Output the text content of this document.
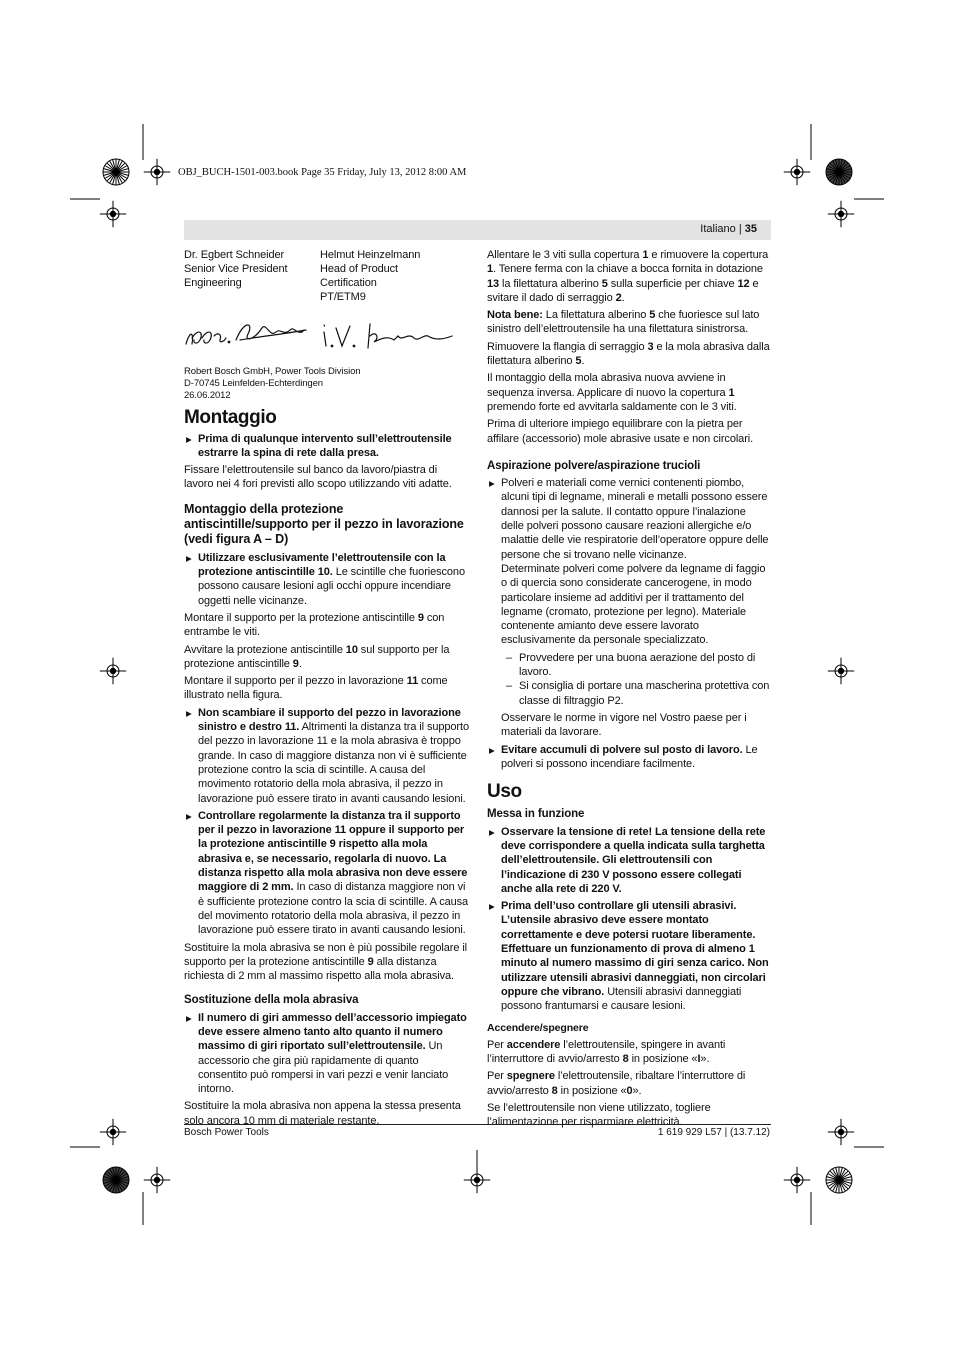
OBJ_BUCH-1501-003.book Page 35 Friday, July 13, 2012 8:00 AM
Italiano | 35
Dr. Egbert Schneider
Senior Vice President
Engineering
Helmut Heinzelmann
Head of Product Certification
PT/ETM9
Robert Bosch GmbH, Power Tools Division
D-70745 Leinfelden-Echterdingen
26.06.2012
Montaggio

▶ Prima di qualunque intervento sull’elettroutensile estrarre la spina di rete dalla presa.

Fissare l’elettroutensile sul banco da lavoro/piastra di lavoro nei 4 fori previsti allo scopo utilizzando viti adatte.

Montaggio della protezione antiscintille/supporto per il pezzo in lavorazione (vedi figura A – D)

▶ Utilizzare esclusivamente l’elettroutensile con la protezione antiscintille 10. Le scintille che fuoriescono possono causare lesioni agli occhi oppure incendiare oggetti nelle vicinanze.

Montare il supporto per la protezione antiscintille 9 con entrambe le viti.

Avvitare la protezione antiscintille 10 sul supporto per la protezione antiscintille 9.

Montare il supporto per il pezzo in lavorazione 11 come illustrato nella figura.

▶ Non scambiare il supporto del pezzo in lavorazione sinistro e destro 11. Altrimenti la distanza tra il supporto del pezzo in lavorazione 11 e la mola abrasiva è troppo grande. In caso di maggiore distanza non vi è sufficiente protezione contro la scia di scintille. A causa del movimento rotatorio della mola abrasiva, il pezzo in lavorazione può essere tirato in avanti causando lesioni.

▶ Controllare regolarmente la distanza tra il supporto per il pezzo in lavorazione 11 oppure il supporto per la protezione antiscintille 9 rispetto alla mola abrasiva e, se necessario, regolarla di nuovo. La distanza rispetto alla mola abrasiva non deve essere maggiore di 2 mm. In caso di distanza maggiore non vi è sufficiente protezione contro la scia di scintille. A causa del movimento rotatorio della mola abrasiva, il pezzo in lavorazione può essere tirato in avanti causando lesioni.

Sostituire la mola abrasiva se non è più possibile regolare il supporto per la protezione antiscintille 9 alla distanza richiesta di 2 mm al massimo rispetto alla mola abrasiva.

Sostituzione della mola abrasiva

▶ Il numero di giri ammesso dell’accessorio impiegato deve essere almeno tanto alto quanto il numero massimo di giri riportato sull’elettroutensile. Un accessorio che gira più rapidamente di quanto consentito può rompersi in vari pezzi e venir lanciato intorno.

Sostituire la mola abrasiva non appena la stessa presenta solo ancora 10 mm di materiale restante.

Allentare le 3 viti sulla copertura 1 e rimuovere la copertura 1. Tenere ferma con la chiave a bocca fornita in dotazione 13 la filettatura alberino 5 sulla superficie per chiave 12 e svitare il dado di serraggio 2.

Nota bene: La filettatura alberino 5 che fuoriesce sul lato sinistro dell’elettroutensile ha una filettatura sinistrorsa.

Rimuovere la flangia di serraggio 3 e la mola abrasiva dalla filettatura alberino 5.

Il montaggio della mola abrasiva nuova avviene in sequenza inversa. Applicare di nuovo la copertura 1 premendo forte ed avvitarla saldamente con le 3 viti.

Prima di ulteriore impiego equilibrare con la pietra per affilare (accessorio) mole abrasive usate e non circolari.

Aspirazione polvere/aspirazione trucioli

▶ Polveri e materiali come vernici contenenti piombo, alcuni tipi di legname, minerali e metalli possono essere dannosi per la salute. Il contatto oppure l’inalazione delle polveri possono causare reazioni allergiche e/o malattie delle vie respiratorie dell’operatore oppure delle persone che si trovano nelle vicinanze.

Determinate polveri come polvere da legname di faggio o di quercia sono considerate cancerogene, in modo particolare insieme ad additivi per il trattamento del legname (cromato, protezione per legno). Materiale contenente amianto deve essere lavorato esclusivamente da personale specializzato.

– Provvedere per una buona aerazione del posto di lavoro.

– Si consiglia di portare una mascherina protettiva con classe di filtraggio P2.

Osservare le norme in vigore nel Vostro paese per i materiali da lavorare.

▶ Evitare accumuli di polvere sul posto di lavoro. Le polveri si possono incendiare facilmente.

Uso
Messa in funzione

▶ Osservare la tensione di rete! La tensione della rete deve corrispondere a quella indicata sulla targhetta dell’elettroutensile. Gli elettroutensili con l’indicazione di 230 V possono essere collegati anche alla rete di 220 V.

▶ Prima dell’uso controllare gli utensili abrasivi. L’utensile abrasivo deve essere montato correttamente e deve potersi ruotare liberamente. Effettuare un funzionamento di prova di almeno 1 minuto al numero massimo di giri senza carico. Non utilizzare utensili abrasivi danneggiati, non circolari oppure che vibrano. Utensili abrasivi danneggiati possono frantumarsi e causare lesioni.

Accendere/spegnere

Per accendere l’elettroutensile, spingere in avanti l’interruttore di avvio/arresto 8 in posizione «I».

Per spegnere l’elettroutensile, ribaltare l’interruttore di avvio/arresto 8 in posizione «0».

Se l’elettroutensile non viene utilizzato, togliere l’alimentazione per risparmiare elettricità.

Bosch Power Tools	1 619 929 L57 | (13.7.12)
